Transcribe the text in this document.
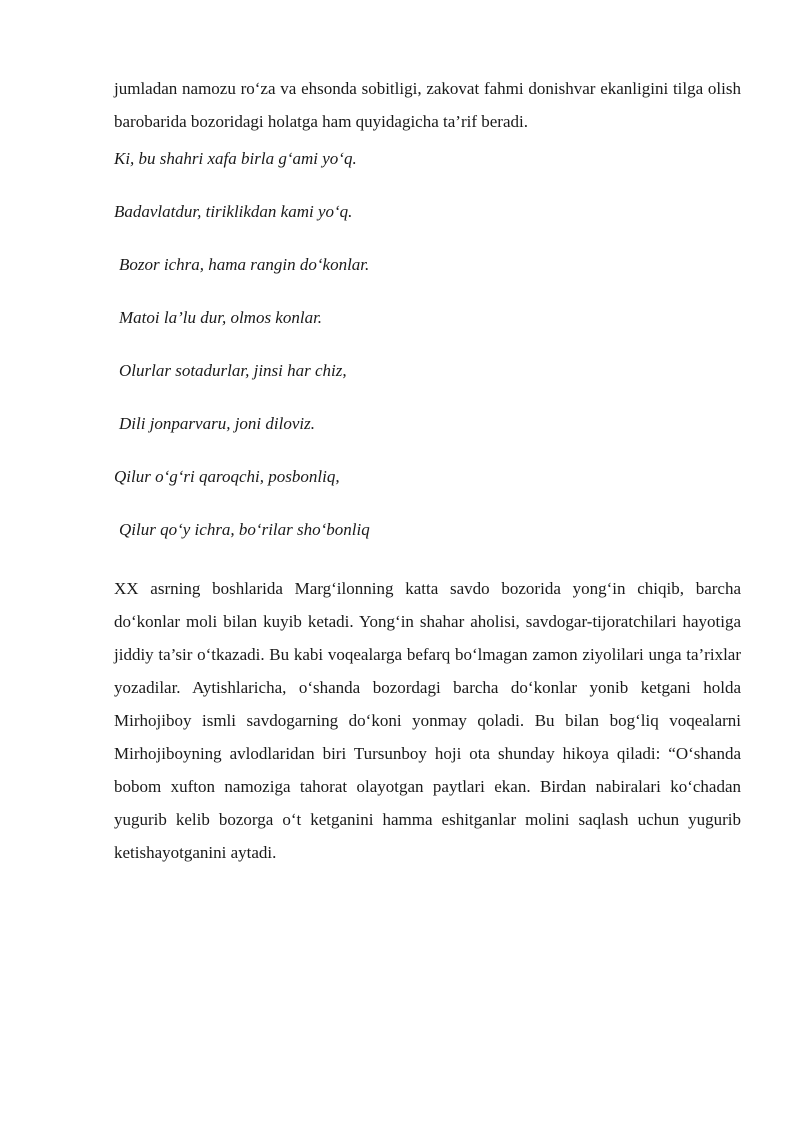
jumladan namozu ro‘za va ehsonda sobitligi, zakovat fahmi donishvar ekanligini tilga olish barobarida bozoridagi holatga ham quyidagicha ta’rif beradi.

Ki, bu shahri xafa birla g‘ami yo‘q.

Badavlatdur, tiriklikdan kami yo‘q.

Bozor ichra, hama rangin do‘konlar.

Matoi la’lu dur, olmos konlar.

Olurlar sotadurlar, jinsi har chiz,

Dili jonparvaru, joni diloviz.

Qilur o‘g‘ri qaroqchi, posbonliq,

Qilur qo‘y ichra, bo‘rilar sho‘bonliq

XX asrning boshlarida Marg‘ilonning katta savdo bozorida yong‘in chiqib, barcha do‘konlar moli bilan kuyib ketadi. Yong‘in shahar aholisi, savdogar-tijoratchilari hayotiga jiddiy ta’sir o‘tkazadi. Bu kabi voqealarga befarq bo‘lmagan zamon ziyolilari unga ta’rixlar yozadilar. Aytishlaricha, o‘shanda bozordagi barcha do‘konlar yonib ketgani holda Mirhojiboy ismli savdogarning do‘koni yonmay qoladi. Bu bilan bog‘liq voqealarni Mirhojiboyning avlodlaridan biri Tursunboy hoji ota shunday hikoya qiladi: “O‘shanda bobom xufton namoziga tahorat olayotgan paytlari ekan. Birdan nabiralari ko‘chadan yugurib kelib bozorga o‘t ketganini hamma eshitganlar molini saqlash uchun yugurib ketishayotganini aytadi.
